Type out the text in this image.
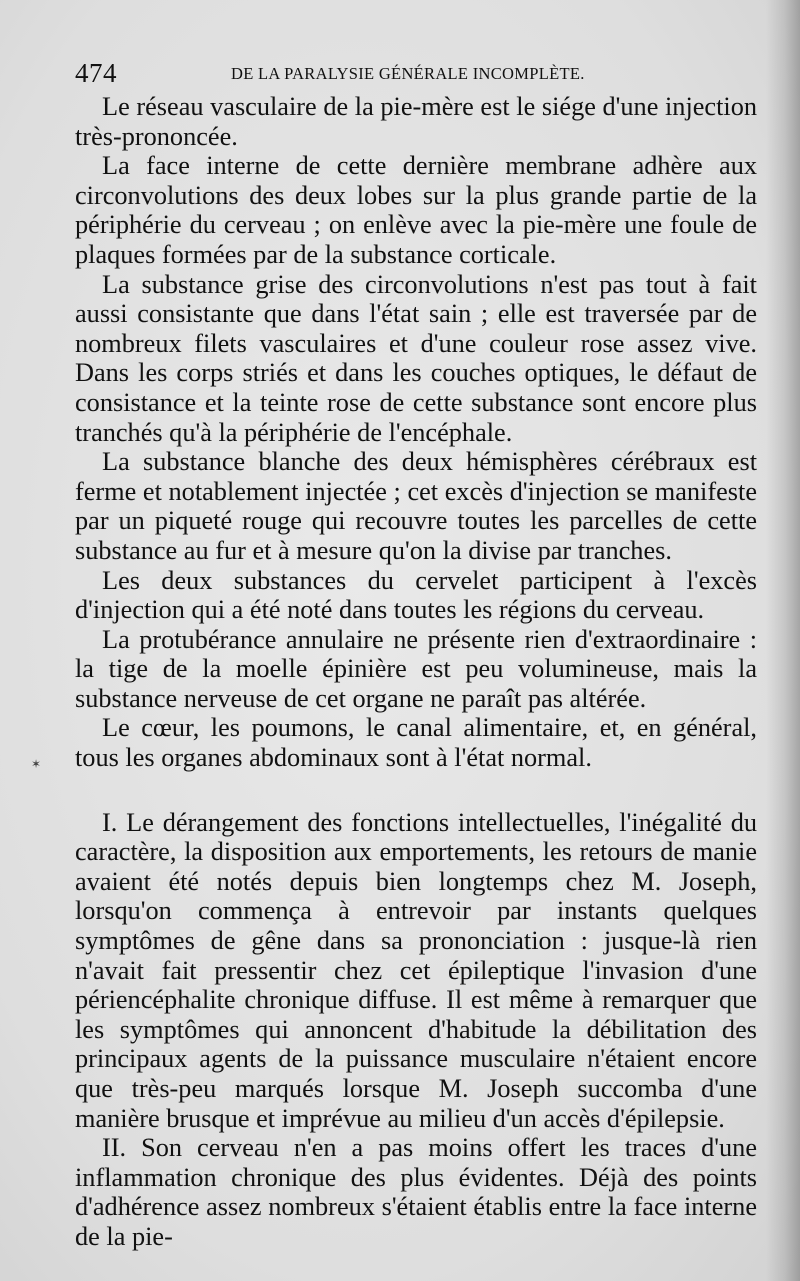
474	DE LA PARALYSIE GÉNÉRALE INCOMPLÈTE.
✶

Le réseau vasculaire de la pie-mère est le siége d'une injection très-prononcée.

La face interne de cette dernière membrane adhère aux circonvolutions des deux lobes sur la plus grande partie de la périphérie du cerveau ; on enlève avec la pie-mère une foule de plaques formées par de la substance corticale.

La substance grise des circonvolutions n'est pas tout à fait aussi consistante que dans l'état sain ; elle est traversée par de nombreux filets vasculaires et d'une couleur rose assez vive. Dans les corps striés et dans les couches optiques, le défaut de consistance et la teinte rose de cette substance sont encore plus tranchés qu'à la périphérie de l'encéphale.

La substance blanche des deux hémisphères cérébraux est ferme et notablement injectée ; cet excès d'injection se manifeste par un piqueté rouge qui recouvre toutes les parcelles de cette substance au fur et à mesure qu'on la divise par tranches.

Les deux substances du cervelet participent à l'excès d'injection qui a été noté dans toutes les régions du cerveau.

La protubérance annulaire ne présente rien d'extraordinaire : la tige de la moelle épinière est peu volumineuse, mais la substance nerveuse de cet organe ne paraît pas altérée.

Le cœur, les poumons, le canal alimentaire, et, en général, tous les organes abdominaux sont à l'état normal.

I. Le dérangement des fonctions intellectuelles, l'inégalité du caractère, la disposition aux emportements, les retours de manie avaient été notés depuis bien longtemps chez M. Joseph, lorsqu'on commença à entrevoir par instants quelques symptômes de gêne dans sa prononciation : jusque-là rien n'avait fait pressentir chez cet épileptique l'invasion d'une périencéphalite chronique diffuse. Il est même à remarquer que les symptômes qui annoncent d'habitude la débilitation des principaux agents de la puissance musculaire n'étaient encore que très-peu marqués lorsque M. Joseph succomba d'une manière brusque et imprévue au milieu d'un accès d'épilepsie.

II. Son cerveau n'en a pas moins offert les traces d'une inflammation chronique des plus évidentes. Déjà des points d'adhérence assez nombreux s'étaient établis entre la face interne de la pie-
